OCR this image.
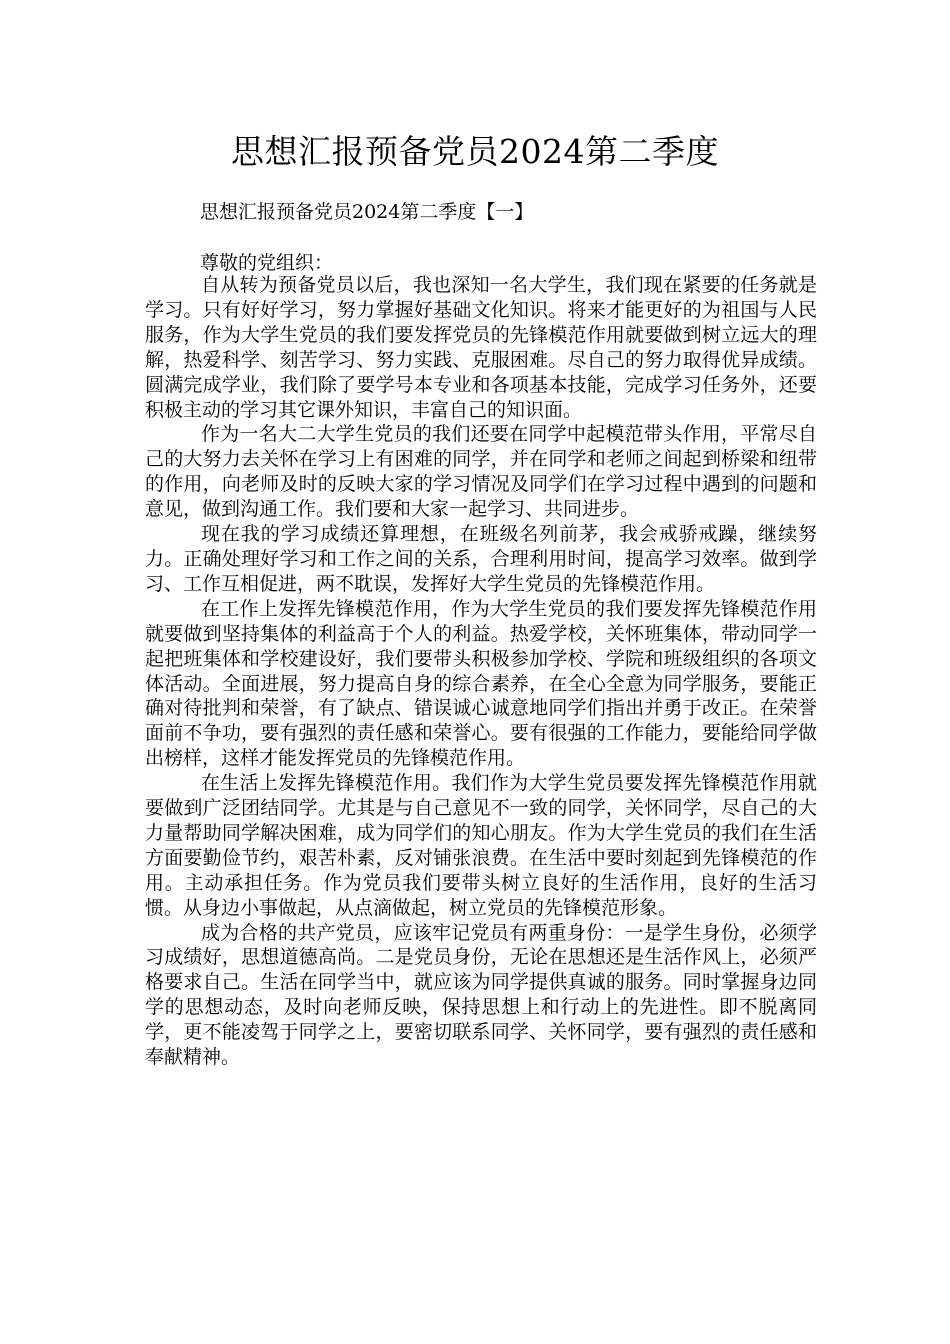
思想汇报预备党员2024第二季度

思想汇报预备党员2024第二季度【一】

尊敬的党组织：

自从转为预备党员以后，我也深知一名大学生，我们现在紧要的任务就是学习。只有好好学习，努力掌握好基础文化知识。将来才能更好的为祖国与人民服务，作为大学生党员的我们要发挥党员的先锋模范作用就要做到树立远大的理解，热爱科学、刻苦学习、努力实践、克服困难。尽自己的努力取得优异成绩。圆满完成学业，我们除了要学号本专业和各项基本技能，完成学习任务外，还要积极主动的学习其它课外知识，丰富自己的知识面。

作为一名大二大学生党员的我们还要在同学中起模范带头作用，平常尽自己的大努力去关怀在学习上有困难的同学，并在同学和老师之间起到桥梁和纽带的作用，向老师及时的反映大家的学习情况及同学们在学习过程中遇到的问题和意见，做到沟通工作。我们要和大家一起学习、共同进步。

现在我的学习成绩还算理想，在班级名列前茅，我会戒骄戒躁，继续努力。正确处理好学习和工作之间的关系，合理利用时间，提高学习效率。做到学习、工作互相促进，两不耽误，发挥好大学生党员的先锋模范作用。

在工作上发挥先锋模范作用，作为大学生党员的我们要发挥先锋模范作用就要做到坚持集体的利益高于个人的利益。热爱学校，关怀班集体，带动同学一起把班集体和学校建设好，我们要带头积极参加学校、学院和班级组织的各项文体活动。全面进展，努力提高自身的综合素养，在全心全意为同学服务，要能正确对待批判和荣誉，有了缺点、错误诚心诚意地同学们指出并勇于改正。在荣誉面前不争功，要有强烈的责任感和荣誉心。要有很强的工作能力，要能给同学做出榜样，这样才能发挥党员的先锋模范作用。

在生活上发挥先锋模范作用。我们作为大学生党员要发挥先锋模范作用就要做到广泛团结同学。尤其是与自己意见不一致的同学，关怀同学，尽自己的大力量帮助同学解决困难，成为同学们的知心朋友。作为大学生党员的我们在生活方面要勤俭节约，艰苦朴素，反对铺张浪费。在生活中要时刻起到先锋模范的作用。主动承担任务。作为党员我们要带头树立良好的生活作用，良好的生活习惯。从身边小事做起，从点滴做起，树立党员的先锋模范形象。

成为合格的共产党员，应该牢记党员有两重身份：一是学生身份，必须学习成绩好，思想道德高尚。二是党员身份，无论在思想还是生活作风上，必须严格要求自己。生活在同学当中，就应该为同学提供真诚的服务。同时掌握身边同学的思想动态，及时向老师反映，保持思想上和行动上的先进性。即不脱离同学，更不能凌驾于同学之上，要密切联系同学、关怀同学，要有强烈的责任感和奉献精神。
